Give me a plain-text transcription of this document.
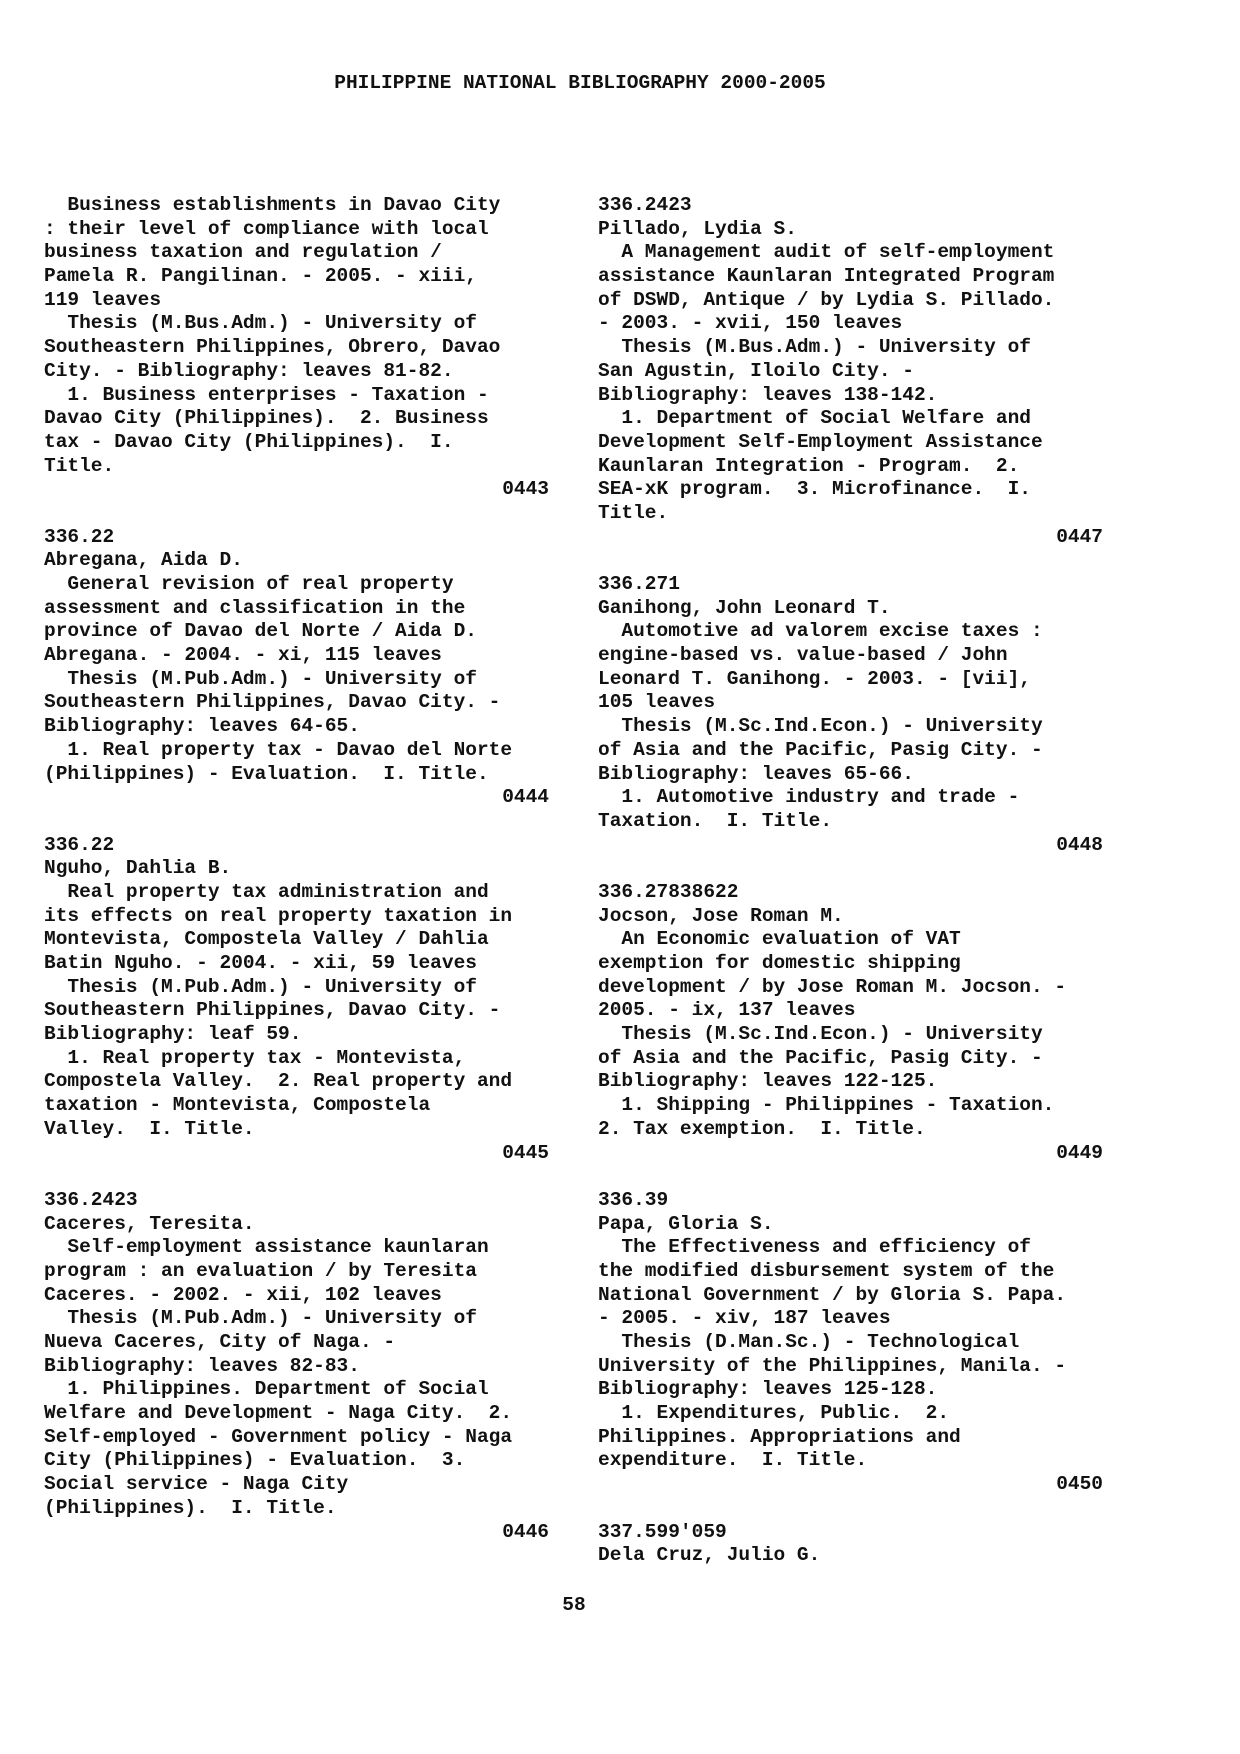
PHILIPPINE NATIONAL BIBLIOGRAPHY 2000-2005
Business establishments in Davao City
: their level of compliance with local
business taxation and regulation /
Pamela R. Pangilinan. - 2005. - xiii,
119 leaves
Thesis (M.Bus.Adm.) - University of
Southeastern Philippines, Obrero, Davao
City. - Bibliography: leaves 81-82.
1. Business enterprises - Taxation -
Davao City (Philippines).  2. Business
tax - Davao City (Philippines).  I.
Title.
0443
336.22
Abregana, Aida D.
General revision of real property
assessment and classification in the
province of Davao del Norte / Aida D.
Abregana. - 2004. - xi, 115 leaves
Thesis (M.Pub.Adm.) - University of
Southeastern Philippines, Davao City. -
Bibliography: leaves 64-65.
1. Real property tax - Davao del Norte
(Philippines) - Evaluation.  I. Title.
0444
336.22
Nguho, Dahlia B.
Real property tax administration and
its effects on real property taxation in
Montevista, Compostela Valley / Dahlia
Batin Nguho. - 2004. - xii, 59 leaves
Thesis (M.Pub.Adm.) - University of
Southeastern Philippines, Davao City. -
Bibliography: leaf 59.
1. Real property tax - Montevista,
Compostela Valley.  2. Real property and
taxation - Montevista, Compostela
Valley.  I. Title.
0445
336.2423
Caceres, Teresita.
Self-employment assistance kaunlaran
program : an evaluation / by Teresita
Caceres. - 2002. - xii, 102 leaves
Thesis (M.Pub.Adm.) - University of
Nueva Caceres, City of Naga. -
Bibliography: leaves 82-83.
1. Philippines. Department of Social
Welfare and Development - Naga City.  2.
Self-employed - Government policy - Naga
City (Philippines) - Evaluation.  3.
Social service - Naga City
(Philippines).  I. Title.
0446
336.2423
Pillado, Lydia S.
A Management audit of self-employment
assistance Kaunlaran Integrated Program
of DSWD, Antique / by Lydia S. Pillado.
- 2003. - xvii, 150 leaves
Thesis (M.Bus.Adm.) - University of
San Agustin, Iloilo City. -
Bibliography: leaves 138-142.
1. Department of Social Welfare and
Development Self-Employment Assistance
Kaunlaran Integration - Program.  2.
SEA-xK program.  3. Microfinance.  I.
Title.
0447
336.271
Ganihong, John Leonard T.
Automotive ad valorem excise taxes :
engine-based vs. value-based / John
Leonard T. Ganihong. - 2003. - [vii],
105 leaves
Thesis (M.Sc.Ind.Econ.) - University
of Asia and the Pacific, Pasig City. -
Bibliography: leaves 65-66.
1. Automotive industry and trade -
Taxation.  I. Title.
0448
336.27838622
Jocson, Jose Roman M.
An Economic evaluation of VAT
exemption for domestic shipping
development / by Jose Roman M. Jocson. -
2005. - ix, 137 leaves
Thesis (M.Sc.Ind.Econ.) - University
of Asia and the Pacific, Pasig City. -
Bibliography: leaves 122-125.
1. Shipping - Philippines - Taxation.
2. Tax exemption.  I. Title.
0449
336.39
Papa, Gloria S.
The Effectiveness and efficiency of
the modified disbursement system of the
National Government / by Gloria S. Papa.
- 2005. - xiv, 187 leaves
Thesis (D.Man.Sc.) - Technological
University of the Philippines, Manila. -
Bibliography: leaves 125-128.
1. Expenditures, Public.  2.
Philippines. Appropriations and
expenditure.  I. Title.
0450
337.599'059
Dela Cruz, Julio G.
58
